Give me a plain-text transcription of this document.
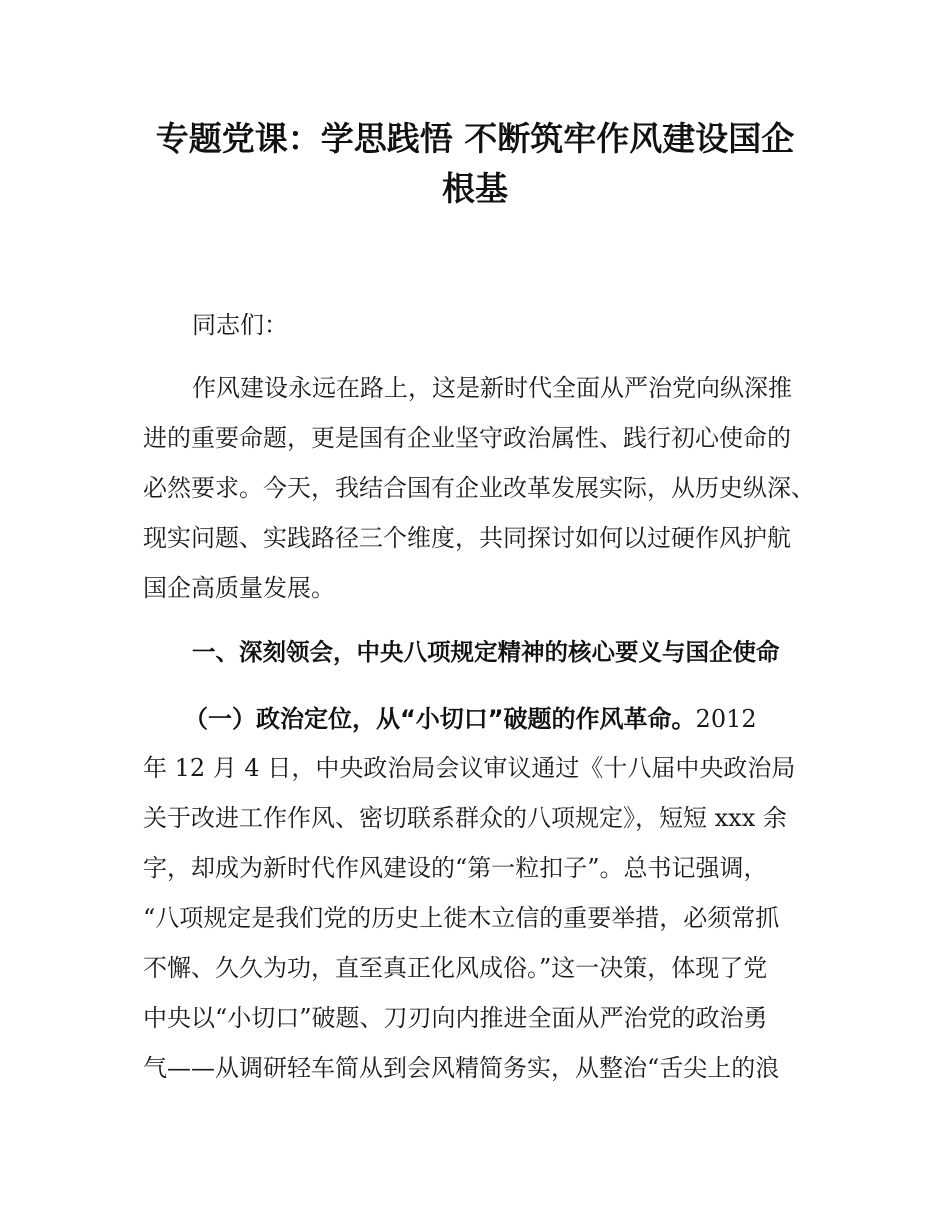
专题党课：学思践悟 不断筑牢作风建设国企
根基
同志们：
作风建设永远在路上，这是新时代全面从严治党向纵深推
进的重要命题，更是国有企业坚守政治属性、践行初心使命的
必然要求。今天，我结合国有企业改革发展实际，从历史纵深、
现实问题、实践路径三个维度，共同探讨如何以过硬作风护航
国企高质量发展。
一、深刻领会，中央八项规定精神的核心要义与国企使命
（一）政治定位，从“小切口”破题的作风革命。2012
年 12 月 4 日，中央政治局会议审议通过《十八届中央政治局
关于改进工作作风、密切联系群众的八项规定》，短短 xxx 余
字，却成为新时代作风建设的“第一粒扣子”。总书记强调，
“八项规定是我们党的历史上徙木立信的重要举措，必须常抓
不懈、久久为功，直至真正化风成俗。”这一决策，体现了党
中央以“小切口”破题、刀刃向内推进全面从严治党的政治勇
气——从调研轻车简从到会风精简务实，从整治“舌尖上的浪
